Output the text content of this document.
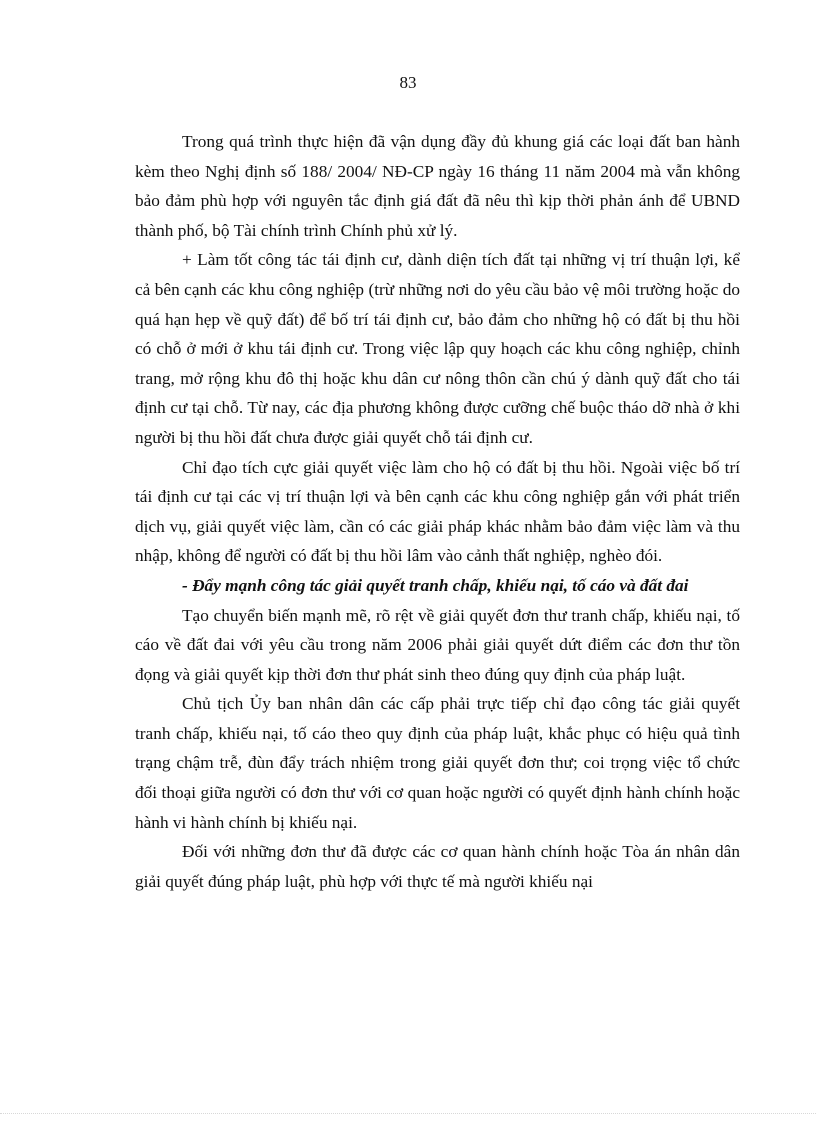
83

Trong quá trình thực hiện đã vận dụng đầy đủ khung giá các loại đất ban hành kèm theo Nghị định số 188/ 2004/ NĐ-CP ngày 16 tháng 11 năm 2004 mà vẫn không bảo đảm phù hợp với nguyên tắc định giá đất đã nêu thì kịp thời phản ánh để UBND thành phố, bộ Tài chính trình Chính phủ xử lý.

+ Làm tốt công tác tái định cư, dành diện tích đất tại những vị trí thuận lợi, kể cả bên cạnh các khu công nghiệp (trừ những nơi do yêu cầu bảo vệ môi trường hoặc do quá hạn hẹp về quỹ đất) để bố trí tái định cư, bảo đảm cho những hộ có đất bị thu hồi có chỗ ở mới ở khu tái định cư. Trong việc lập quy hoạch các khu công nghiệp, chỉnh trang, mở rộng khu đô thị hoặc khu dân cư nông thôn cần chú ý dành quỹ đất cho tái định cư tại chỗ. Từ nay, các địa phương không được cưỡng chế buộc tháo dỡ nhà ở khi người bị thu hồi đất chưa được giải quyết chỗ tái định cư.

Chỉ đạo tích cực giải quyết việc làm cho hộ có đất bị thu hồi. Ngoài việc bố trí tái định cư tại các vị trí thuận lợi và bên cạnh các khu công nghiệp gắn với phát triển dịch vụ, giải quyết việc làm, cần có các giải pháp khác nhằm bảo đảm việc làm và thu nhập, không để người có đất bị thu hồi lâm vào cảnh thất nghiệp, nghèo đói.

- Đẩy mạnh công tác giải quyết tranh chấp, khiếu nại, tố cáo và đất đai

Tạo chuyển biến mạnh mẽ, rõ rệt về giải quyết đơn thư tranh chấp, khiếu nại, tố cáo về đất đai với yêu cầu trong năm 2006 phải giải quyết dứt điểm các đơn thư tồn đọng và giải quyết kịp thời đơn thư phát sinh theo đúng quy định của pháp luật.

Chủ tịch Ủy ban nhân dân các cấp phải trực tiếp chỉ đạo công tác giải quyết tranh chấp, khiếu nại, tố cáo theo quy định của pháp luật, khắc phục có hiệu quả tình trạng chậm trễ, đùn đẩy trách nhiệm trong giải quyết đơn thư; coi trọng việc tổ chức đối thoại giữa người có đơn thư với cơ quan hoặc người có quyết định hành chính hoặc hành vi hành chính bị khiếu nại.

Đối với những đơn thư đã được các cơ quan hành chính hoặc Tòa án nhân dân giải quyết đúng pháp luật, phù hợp với thực tế mà người khiếu nại
